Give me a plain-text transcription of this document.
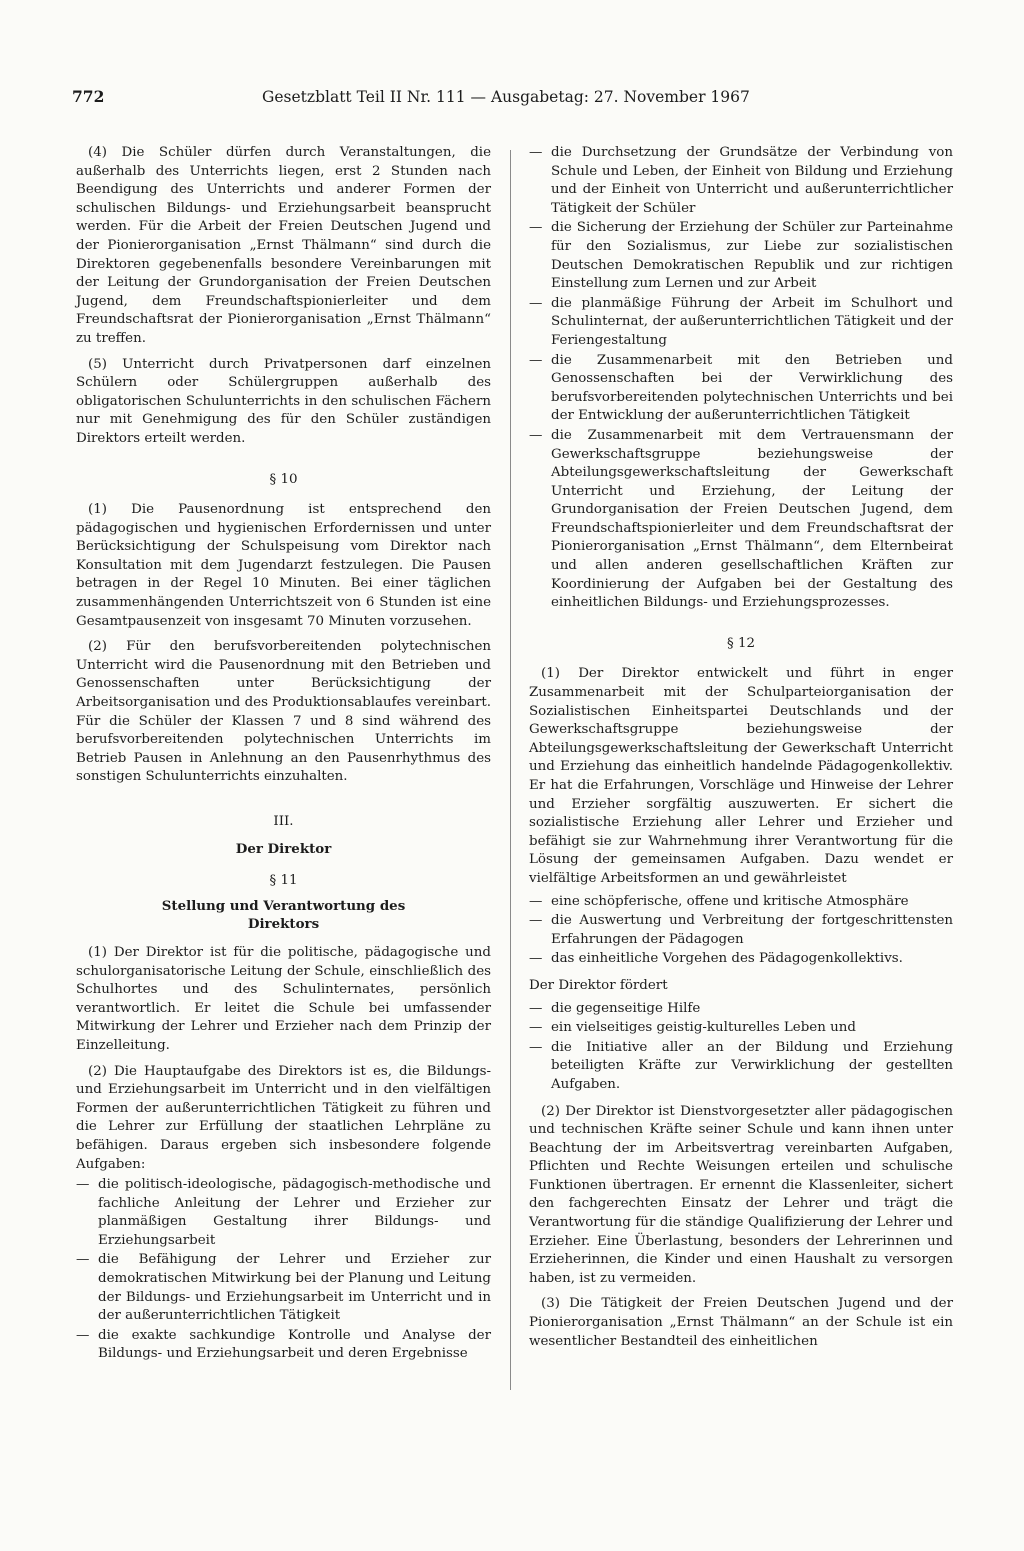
772	Gesetzblatt Teil II Nr. 111 — Ausgabetag: 27. November 1967

(4) Die Schüler dürfen durch Veranstaltungen, die außerhalb des Unterrichts liegen, erst 2 Stunden nach Beendigung des Unterrichts und anderer Formen der schulischen Bildungs- und Erziehungsarbeit beansprucht werden. Für die Arbeit der Freien Deutschen Jugend und der Pionierorganisation „Ernst Thälmann“ sind durch die Direktoren gegebenenfalls besondere Vereinbarungen mit der Leitung der Grundorganisation der Freien Deutschen Jugend, dem Freundschaftspionierleiter und dem Freundschaftsrat der Pionierorganisation „Ernst Thälmann“ zu treffen.

(5) Unterricht durch Privatpersonen darf einzelnen Schülern oder Schülergruppen außerhalb des obligatorischen Schulunterrichts in den schulischen Fächern nur mit Genehmigung des für den Schüler zuständigen Direktors erteilt werden.

§ 10

(1) Die Pausenordnung ist entsprechend den pädagogischen und hygienischen Erfordernissen und unter Berücksichtigung der Schulspeisung vom Direktor nach Konsultation mit dem Jugendarzt festzulegen. Die Pausen betragen in der Regel 10 Minuten. Bei einer täglichen zusammenhängenden Unterrichtszeit von 6 Stunden ist eine Gesamtpausenzeit von insgesamt 70 Minuten vorzusehen.

(2) Für den berufsvorbereitenden polytechnischen Unterricht wird die Pausenordnung mit den Betrieben und Genossenschaften unter Berücksichtigung der Arbeitsorganisation und des Produktionsablaufes vereinbart. Für die Schüler der Klassen 7 und 8 sind während des berufsvorbereitenden polytechnischen Unterrichts im Betrieb Pausen in Anlehnung an den Pausenrhythmus des sonstigen Schulunterrichts einzuhalten.

III.
Der Direktor
§ 11
Stellung und Verantwortung des Direktors

(1) Der Direktor ist für die politische, pädagogische und schulorganisatorische Leitung der Schule, einschließlich des Schulhortes und des Schulinternates, persönlich verantwortlich. Er leitet die Schule bei umfassender Mitwirkung der Lehrer und Erzieher nach dem Prinzip der Einzelleitung.

(2) Die Hauptaufgabe des Direktors ist es, die Bildungs- und Erziehungsarbeit im Unterricht und in den vielfältigen Formen der außerunterrichtlichen Tätigkeit zu führen und die Lehrer zur Erfüllung der staatlichen Lehrpläne zu befähigen. Daraus ergeben sich insbesondere folgende Aufgaben:

— die politisch-ideologische, pädagogisch-methodische und fachliche Anleitung der Lehrer und Erzieher zur planmäßigen Gestaltung ihrer Bildungs- und Erziehungsarbeit
— die Befähigung der Lehrer und Erzieher zur demokratischen Mitwirkung bei der Planung und Leitung der Bildungs- und Erziehungsarbeit im Unterricht und in der außerunterrichtlichen Tätigkeit
— die exakte sachkundige Kontrolle und Analyse der Bildungs- und Erziehungsarbeit und deren Ergebnisse
— die Durchsetzung der Grundsätze der Verbindung von Schule und Leben, der Einheit von Bildung und Erziehung und der Einheit von Unterricht und außerunterrichtlicher Tätigkeit der Schüler
— die Sicherung der Erziehung der Schüler zur Parteinahme für den Sozialismus, zur Liebe zur sozialistischen Deutschen Demokratischen Republik und zur richtigen Einstellung zum Lernen und zur Arbeit
— die planmäßige Führung der Arbeit im Schulhort und Schulinternat, der außerunterrichtlichen Tätigkeit und der Feriengestaltung
— die Zusammenarbeit mit den Betrieben und Genossenschaften bei der Verwirklichung des berufsvorbereitenden polytechnischen Unterrichts und bei der Entwicklung der außerunterrichtlichen Tätigkeit
— die Zusammenarbeit mit dem Vertrauensmann der Gewerkschaftsgruppe beziehungsweise der Abteilungsgewerkschaftsleitung der Gewerkschaft Unterricht und Erziehung, der Leitung der Grundorganisation der Freien Deutschen Jugend, dem Freundschaftspionierleiter und dem Freundschaftsrat der Pionierorganisation „Ernst Thälmann“, dem Elternbeirat und allen anderen gesellschaftlichen Kräften zur Koordinierung der Aufgaben bei der Gestaltung des einheitlichen Bildungs- und Erziehungsprozesses.
§ 12

(1) Der Direktor entwickelt und führt in enger Zusammenarbeit mit der Schulparteiorganisation der Sozialistischen Einheitspartei Deutschlands und der Gewerkschaftsgruppe beziehungsweise der Abteilungsgewerkschaftsleitung der Gewerkschaft Unterricht und Erziehung das einheitlich handelnde Pädagogenkollektiv. Er hat die Erfahrungen, Vorschläge und Hinweise der Lehrer und Erzieher sorgfältig auszuwerten. Er sichert die sozialistische Erziehung aller Lehrer und Erzieher und befähigt sie zur Wahrnehmung ihrer Verantwortung für die Lösung der gemeinsamen Aufgaben. Dazu wendet er vielfältige Arbeitsformen an und gewährleistet

— eine schöpferische, offene und kritische Atmosphäre
— die Auswertung und Verbreitung der fortgeschrittensten Erfahrungen der Pädagogen
— das einheitliche Vorgehen des Pädagogenkollektivs.

Der Direktor fördert

— die gegenseitige Hilfe
— ein vielseitiges geistig-kulturelles Leben und
— die Initiative aller an der Bildung und Erziehung beteiligten Kräfte zur Verwirklichung der gestellten Aufgaben.

(2) Der Direktor ist Dienstvorgesetzter aller pädagogischen und technischen Kräfte seiner Schule und kann ihnen unter Beachtung der im Arbeitsvertrag vereinbarten Aufgaben, Pflichten und Rechte Weisungen erteilen und schulische Funktionen übertragen. Er ernennt die Klassenleiter, sichert den fachgerechten Einsatz der Lehrer und trägt die Verantwortung für die ständige Qualifizierung der Lehrer und Erzieher. Eine Überlastung, besonders der Lehrerinnen und Erzieherinnen, die Kinder und einen Haushalt zu versorgen haben, ist zu vermeiden.

(3) Die Tätigkeit der Freien Deutschen Jugend und der Pionierorganisation „Ernst Thälmann“ an der Schule ist ein wesentlicher Bestandteil des einheitlichen
